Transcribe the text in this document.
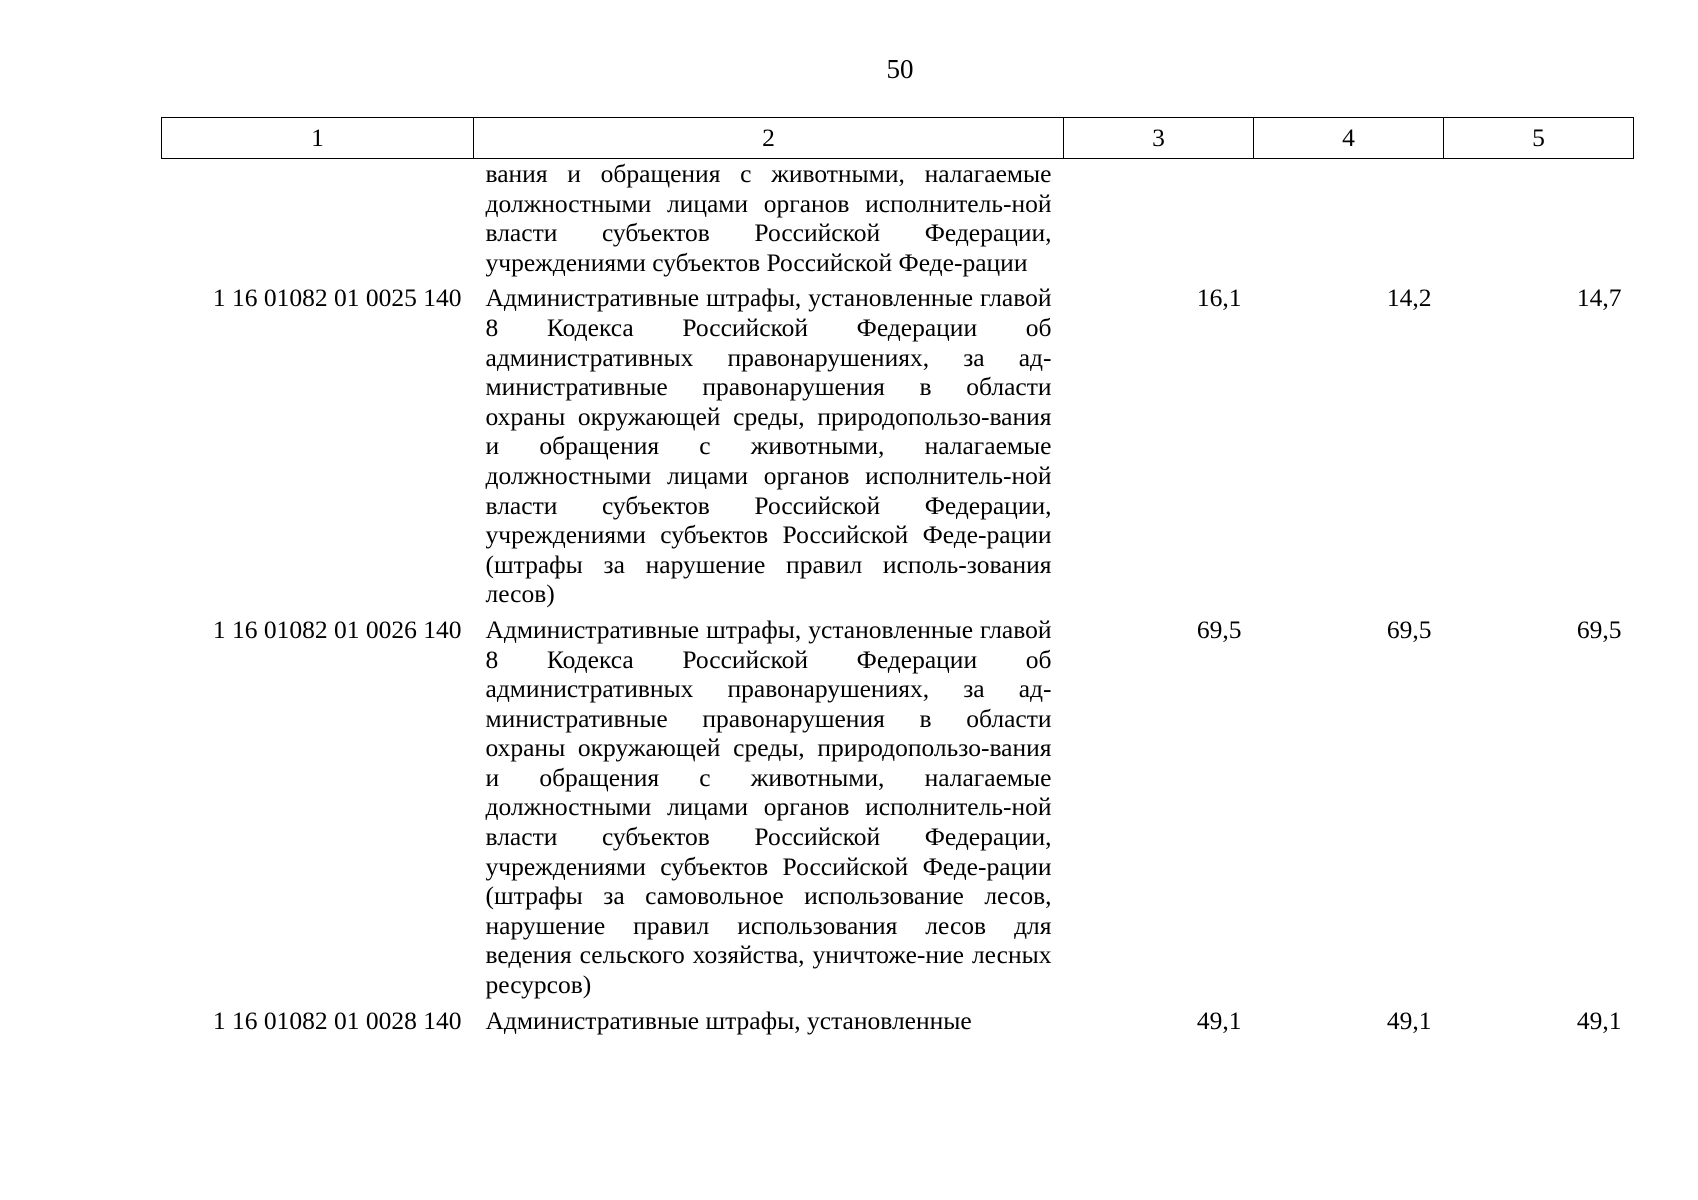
50
1	2	3	4	5
	вания и обращения с животными, налагаемые должностными лицами органов исполнитель-ной власти субъектов Российской Федерации, учреждениями субъектов Российской Феде-рации			
1 16 01082 01 0025 140	Административные штрафы, установленные главой 8 Кодекса Российской Федерации об административных правонарушениях, за ад-министративные правонарушения в области охраны окружающей среды, природопользо-вания и обращения с животными, налагаемые должностными лицами органов исполнитель-ной власти субъектов Российской Федерации, учреждениями субъектов Российской Феде-рации (штрафы за нарушение правил исполь-зования лесов)	16,1	14,2	14,7
1 16 01082 01 0026 140	Административные штрафы, установленные главой 8 Кодекса Российской Федерации об административных правонарушениях, за ад-министративные правонарушения в области охраны окружающей среды, природопользо-вания и обращения с животными, налагаемые должностными лицами органов исполнитель-ной власти субъектов Российской Федерации, учреждениями субъектов Российской Феде-рации (штрафы за самовольное использование лесов, нарушение правил использования лесов для ведения сельского хозяйства, уничтоже-ние лесных ресурсов)	69,5	69,5	69,5
1 16 01082 01 0028 140	Административные штрафы, установленные	49,1	49,1	49,1
